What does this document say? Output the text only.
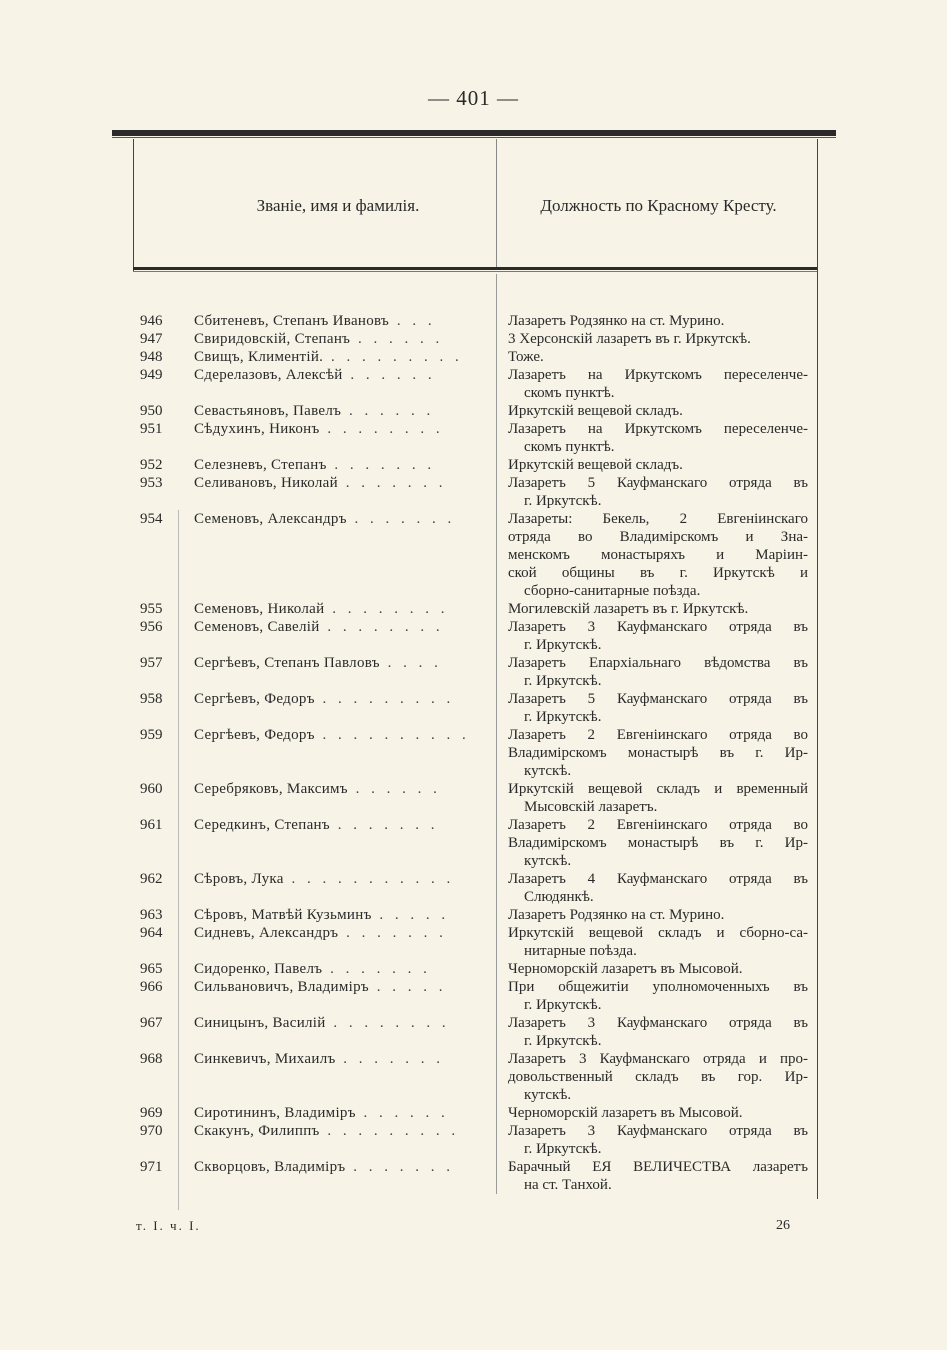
— 401 —
Званіе, имя и фамилія.	Должность по Красному Кресту.
946	Сбитеневъ, Степанъ Ивановъ . . .	Лазаретъ Родзянко на ст. Мурино.
947	Свиридовскій, Степанъ . . . . . .	3 Херсонскій лазаретъ въ г. Иркутскѣ.
948	Свищъ, Климентій. . . . . . . . . .	Тоже.
949	Сдерелазовъ, Алексѣй . . . . . .	Лазаретъ на Иркутскомъ переселенче-
скомъ пунктѣ.
950	Севастьяновъ, Павелъ . . . . . .	Иркутскій вещевой складъ.
951	Сѣдухинъ, Никонъ . . . . . . . .	Лазаретъ на Иркутскомъ переселенче-
скомъ пунктѣ.
952	Селезневъ, Степанъ . . . . . . .	Иркутскій вещевой складъ.
953	Селивановъ, Николай . . . . . . .	Лазаретъ 5 Кауфманскаго отряда въ
г. Иркутскѣ.
954	Семеновъ, Александръ . . . . . . .	Лазареты: Бекель, 2 Евгеніинскаго
отряда во Владимірскомъ и Зна-
менскомъ монастыряхъ и Маріин-
ской общины въ г. Иркутскѣ и
сборно-санитарные поѣзда.
955	Семеновъ, Николай . . . . . . . .	Могилевскій лазаретъ въ г. Иркутскѣ.
956	Семеновъ, Савелій . . . . . . . .	Лазаретъ 3 Кауфманскаго отряда въ
г. Иркутскѣ.
957	Сергѣевъ, Степанъ Павловъ . . . .	Лазаретъ Епархіальнаго вѣдомства въ
г. Иркутскѣ.
958	Сергѣевъ, Федоръ . . . . . . . . .	Лазаретъ 5 Кауфманскаго отряда въ
г. Иркутскѣ.
959	Сергѣевъ, Федоръ . . . . . . . . . .	Лазаретъ 2 Евгеніинскаго отряда во
Владимірскомъ монастырѣ въ г. Ир-
кутскѣ.
960	Серебряковъ, Максимъ . . . . . .	Иркутскій вещевой складъ и временный
Мысовскій лазаретъ.
961	Середкинъ, Степанъ . . . . . . .	Лазаретъ 2 Евгеніинскаго отряда во
Владимірскомъ монастырѣ въ г. Ир-
кутскѣ.
962	Сѣровъ, Лука . . . . . . . . . . .	Лазаретъ 4 Кауфманскаго отряда въ
Слюдянкѣ.
963	Сѣровъ, Матвѣй Кузьминъ . . . . .	Лазаретъ Родзянко на ст. Мурино.
964	Сидневъ, Александръ . . . . . . .	Иркутскій вещевой складъ и сборно-са-
нитарные поѣзда.
965	Сидоренко, Павелъ . . . . . . .	Черноморскій лазаретъ въ Мысовой.
966	Сильвановичъ, Владиміръ . . . . .	При общежитіи уполномоченныхъ въ
г. Иркутскѣ.
967	Синицынъ, Василій . . . . . . . .	Лазаретъ 3 Кауфманскаго отряда въ
г. Иркутскѣ.
968	Синкевичъ, Михаилъ . . . . . . .	Лазаретъ 3 Кауфманскаго отряда и про-
довольственный складъ въ гор. Ир-
кутскѣ.
969	Сиротининъ, Владиміръ . . . . . .	Черноморскій лазаретъ въ Мысовой.
970	Скакунъ, Филиппъ . . . . . . . . .	Лазаретъ 3 Кауфманскаго отряда въ
г. Иркутскѣ.
971	Скворцовъ, Владиміръ . . . . . . .	Барачный ЕЯ ВЕЛИЧЕСТВА лазаретъ
на ст. Танхой.
т. I. ч. I.	26
